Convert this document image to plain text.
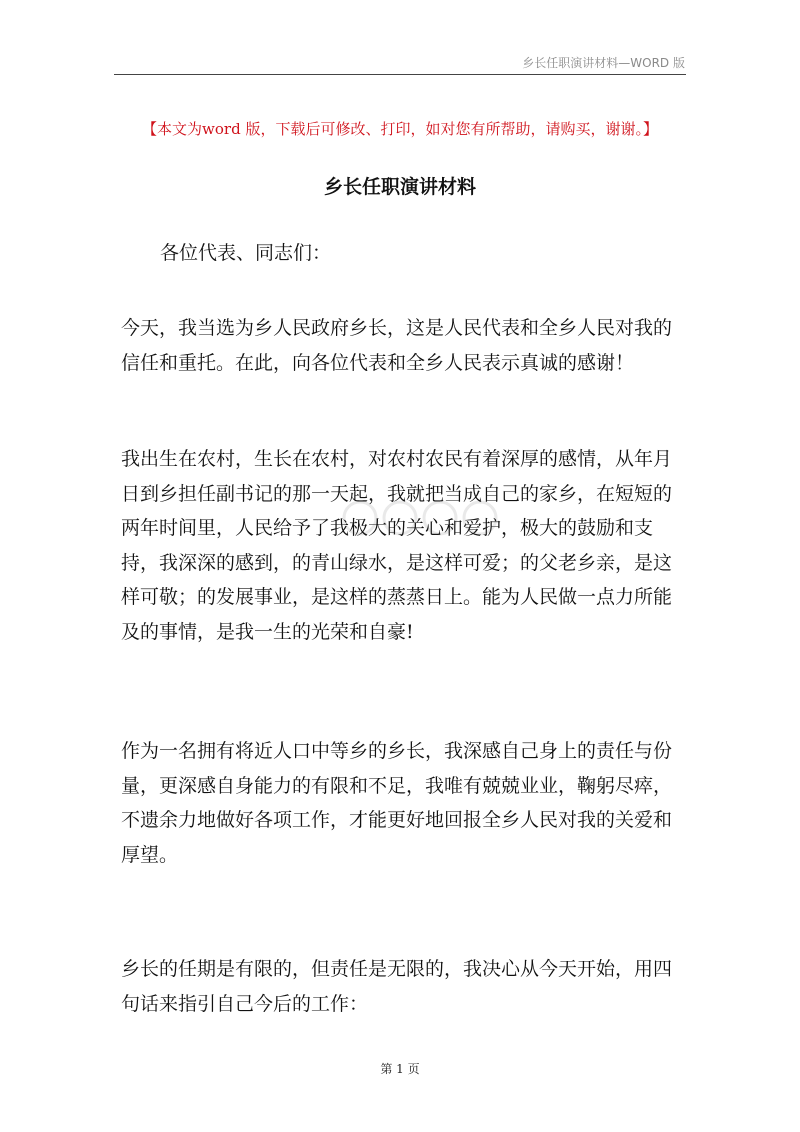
乡长任职演讲材料—WORD 版
【本文为word 版，下载后可修改、打印，如对您有所帮助，请购买，谢谢。】
乡长任职演讲材料
各位代表、同志们：
今天，我当选为乡人民政府乡长，这是人民代表和全乡人民对我的信任和重托。在此，向各位代表和全乡人民表示真诚的感谢！
我出生在农村，生长在农村，对农村农民有着深厚的感情，从年月日到乡担任副书记的那一天起，我就把当成自己的家乡，在短短的两年时间里，人民给予了我极大的关心和爱护，极大的鼓励和支持，我深深的感到，的青山绿水，是这样可爱；的父老乡亲，是这样可敬；的发展事业，是这样的蒸蒸日上。能为人民做一点力所能及的事情，是我一生的光荣和自豪!
作为一名拥有将近人口中等乡的乡长，我深感自己身上的责任与份量，更深感自身能力的有限和不足，我唯有兢兢业业，鞠躬尽瘁，不遗余力地做好各项工作，才能更好地回报全乡人民对我的关爱和厚望。
乡长的任期是有限的，但责任是无限的，我决心从今天开始，用四句话来指引自己今后的工作：
第 1 页
